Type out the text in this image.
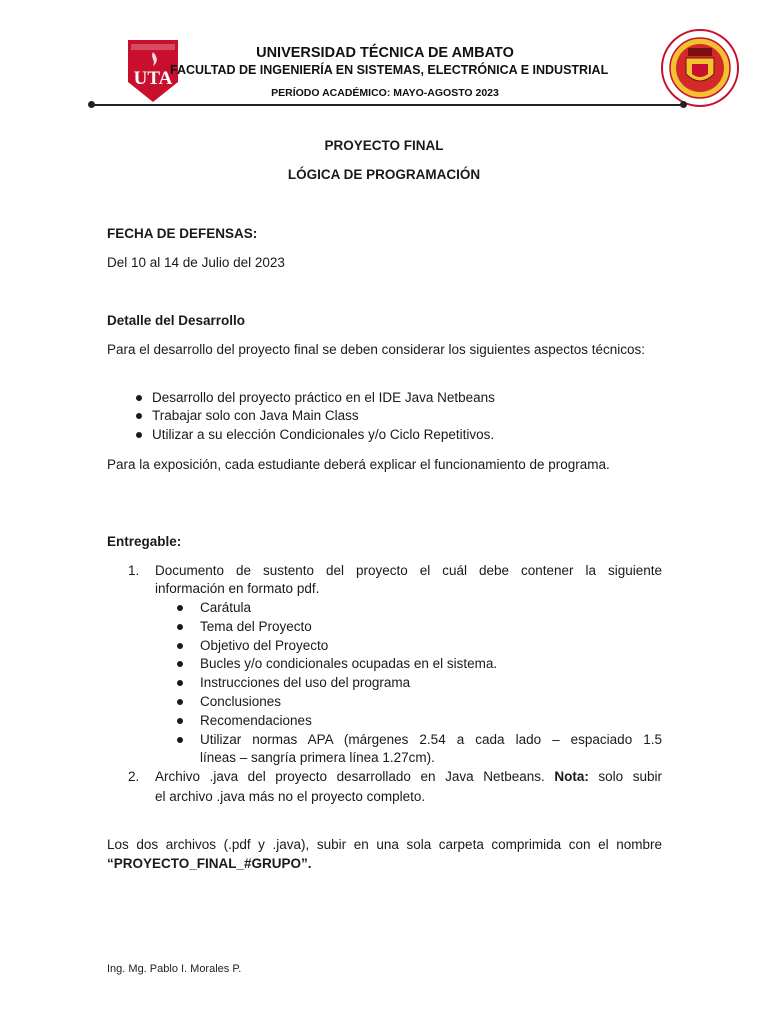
UTA
UNIVERSIDAD TÉCNICA DE AMBATO
FACULTAD DE INGENIERÍA EN SISTEMAS, ELECTRÓNICA E INDUSTRIAL
PERÍODO ACADÉMICO: MAYO-AGOSTO 2023
PROYECTO FINAL
LÓGICA DE PROGRAMACIÓN
FECHA DE DEFENSAS:
Del 10 al 14 de Julio del 2023
Detalle del Desarrollo
Para el desarrollo del proyecto final se deben considerar los siguientes aspectos técnicos:
Desarrollo del proyecto práctico en el IDE Java Netbeans
Trabajar solo con Java Main Class
Utilizar a su elección Condicionales y/o Ciclo Repetitivos.
Para la exposición, cada estudiante deberá explicar el funcionamiento de programa.
Entregable:
1. Documento de sustento del proyecto el cuál debe contener la siguiente
información en formato pdf.
Carátula
Tema del Proyecto
Objetivo del Proyecto
Bucles y/o condicionales ocupadas en el sistema.
Instrucciones del uso del programa
Conclusiones
Recomendaciones
Utilizar normas APA (márgenes 2.54 a cada lado – espaciado 1.5
líneas – sangría primera línea 1.27cm).
2. Archivo .java del proyecto desarrollado en Java Netbeans. Nota: solo subir
el archivo .java más no el proyecto completo.
Los dos archivos (.pdf y .java), subir en una sola carpeta comprimida con el nombre
“PROYECTO_FINAL_#GRUPO”.
Ing. Mg. Pablo I. Morales P.
